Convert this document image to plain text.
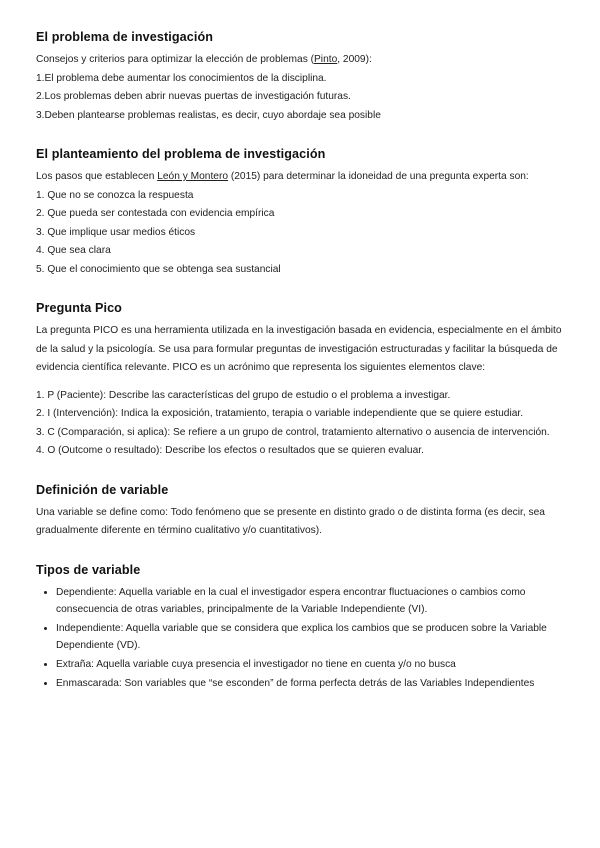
El problema de investigación

Consejos y criterios para optimizar la elección de problemas (Pinto, 2009):

1.El problema debe aumentar los conocimientos de la disciplina.
2.Los problemas deben abrir nuevas puertas de investigación futuras.
3.Deben plantearse problemas realistas, es decir, cuyo abordaje sea posible
El planteamiento del problema de investigación

Los pasos que establecen León y Montero (2015) para determinar la idoneidad de una pregunta experta son:

1. Que no se conozca la respuesta
2. Que pueda ser contestada con evidencia empírica
3. Que implique usar medios éticos
4. Que sea clara
5. Que el conocimiento que se obtenga sea sustancial
Pregunta Pico

La pregunta PICO es una herramienta utilizada en la investigación basada en evidencia, especialmente en el ámbito de la salud y la psicología. Se usa para formular preguntas de investigación estructuradas y facilitar la búsqueda de evidencia científica relevante. PICO es un acrónimo que representa los siguientes elementos clave:

1. P (Paciente): Describe las características del grupo de estudio o el problema a investigar.
2. I (Intervención): Indica la exposición, tratamiento, terapia o variable independiente que se quiere estudiar.
3. C (Comparación, si aplica): Se refiere a un grupo de control, tratamiento alternativo o ausencia de intervención.
4. O (Outcome o resultado): Describe los efectos o resultados que se quieren evaluar.
Definición de variable

Una variable se define como: Todo fenómeno que se presente en distinto grado o de distinta forma (es decir, sea gradualmente diferente en término cualitativo y/o cuantitativos).

Tipos de variable
• Dependiente: Aquella variable en la cual el investigador espera encontrar fluctuaciones o cambios como consecuencia de otras variables, principalmente de la Variable Independiente (VI).
• Independiente: Aquella variable que se considera que explica los cambios que se producen sobre la Variable Dependiente (VD).
• Extraña: Aquella variable cuya presencia el investigador no tiene en cuenta y/o no busca
• Enmascarada: Son variables que “se esconden” de forma perfecta detrás de las Variables Independientes
